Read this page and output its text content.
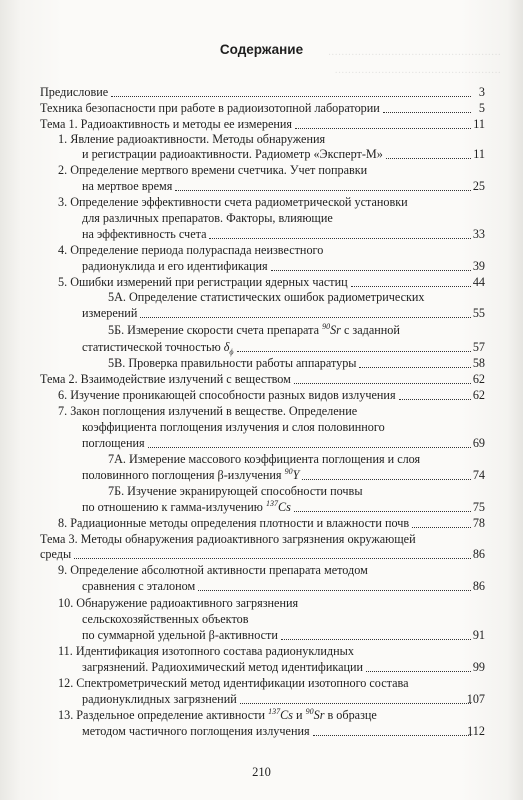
····················································
··················································
Содержание
Предисловие	3
Техника безопасности при работе в радиоизотопной лаборатории	5
Тема 1. Радиоактивность и методы ее измерения	11
1. Явление радиоактивности. Методы обнаружения
и регистрации радиоактивности. Радиометр «Эксперт-М»	11
2. Определение мертвого времени счетчика. Учет поправки
на мертвое время	25
3. Определение эффективности счета радиометрической установки
для различных препаратов. Факторы, влияющие
на эффективность счета	33
4. Определение периода полураспада неизвестного
радионуклида и его идентификация	39
5. Ошибки измерений при регистрации ядерных частиц	44
5А. Определение статистических ошибок радиометрических
измерений	55
5Б. Измерение скорости счета препарата $^{90}$Sr с заданной
статистической точностью $\delta_\phi$	57
5В. Проверка правильности работы аппаратуры	58
Тема 2. Взаимодействие излучений с веществом	62
6. Изучение проникающей способности разных видов излучения	62
7. Закон поглощения излучений в веществе. Определение
коэффициента поглощения излучения и слоя половинного
поглощения	69
7А. Измерение массового коэффициента поглощения и слоя
половинного поглощения β-излучения $^{90}$Y	74
7Б. Изучение экранирующей способности почвы
по отношению к гамма-излучению $^{137}$Cs	75
8. Радиационные методы определения плотности и влажности почв	78
Тема 3. Методы обнаружения радиоактивного загрязнения окружающей
среды	86
9. Определение абсолютной активности препарата методом
сравнения с эталоном	86
10. Обнаружение радиоактивного загрязнения
сельскохозяйственных объектов
по суммарной удельной β-активности	91
11. Идентификация изотопного состава радионуклидных
загрязнений. Радиохимический метод идентификации	99
12. Спектрометрический метод идентификации изотопного состава
радионуклидных загрязнений	107
13. Раздельное определение активности $^{137}$Cs и $^{90}$Sr в образце
методом частичного поглощения излучения	112
210
